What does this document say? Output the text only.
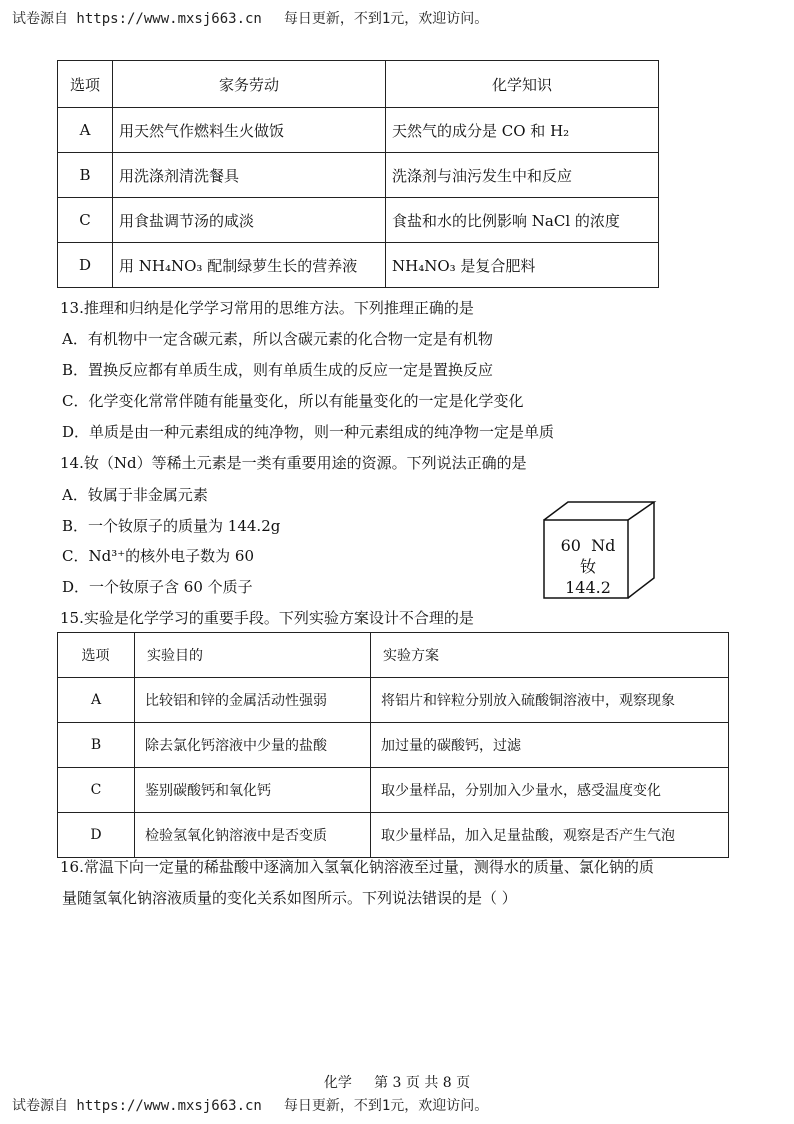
试卷源自 https://www.mxsj663.cn 每日更新，不到1元，欢迎访问。
选项	家务劳动	化学知识
A	用天然气作燃料生火做饭	天然气的成分是 CO 和 H₂
B	用洗涤剂清洗餐具	洗涤剂与油污发生中和反应
C	用食盐调节汤的咸淡	食盐和水的比例影响 NaCl 的浓度
D	用 NH₄NO₃ 配制绿萝生长的营养液	NH₄NO₃ 是复合肥料
13.推理和归纳是化学学习常用的思维方法。下列推理正确的是
A．有机物中一定含碳元素，所以含碳元素的化合物一定是有机物
B．置换反应都有单质生成，则有单质生成的反应一定是置换反应
C．化学变化常常伴随有能量变化，所以有能量变化的一定是化学变化
D．单质是由一种元素组成的纯净物，则一种元素组成的纯净物一定是单质
14.钕（Nd）等稀土元素是一类有重要用途的资源。下列说法正确的是
A．钕属于非金属元素
B．一个钕原子的质量为 144.2g
C．Nd³⁺的核外电子数为 60
D．一个钕原子含 60 个质子
60 Nd
钕
144.2
15.实验是化学学习的重要手段。下列实验方案设计不合理的是
选项	实验目的	实验方案
A	比较铝和锌的金属活动性强弱	将铝片和锌粒分别放入硫酸铜溶液中，观察现象
B	除去氯化钙溶液中少量的盐酸	加过量的碳酸钙，过滤
C	鉴别碳酸钙和氧化钙	取少量样品，分别加入少量水，感受温度变化
D	检验氢氧化钠溶液中是否变质	取少量样品，加入足量盐酸，观察是否产生气泡
16.常温下向一定量的稀盐酸中逐滴加入氢氧化钠溶液至过量，测得水的质量、氯化钠的质
量随氢氧化钠溶液质量的变化关系如图所示。下列说法错误的是（ ）
化学 第 3 页 共 8 页
试卷源自 https://www.mxsj663.cn 每日更新，不到1元，欢迎访问。
